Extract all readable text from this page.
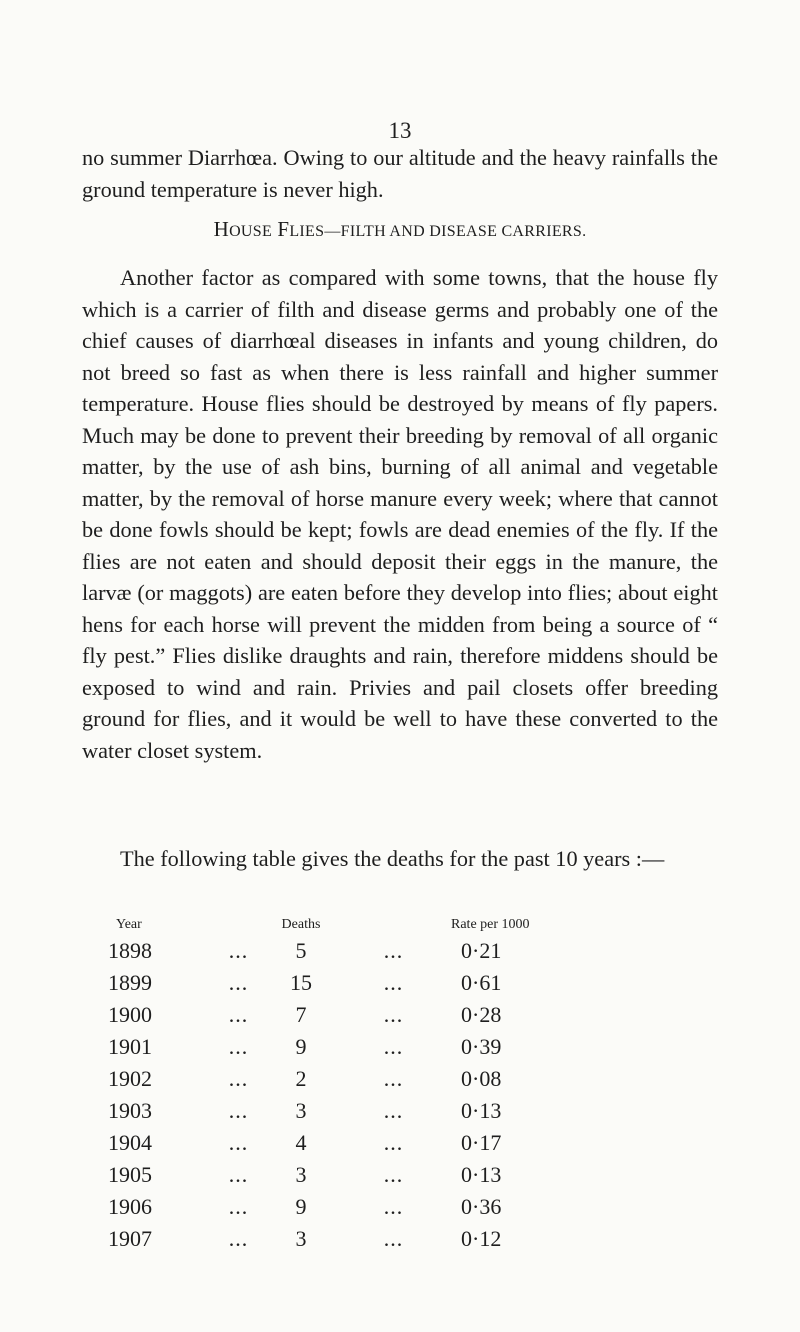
13

no summer Diarrhœa. Owing to our altitude and the heavy rainfalls the ground temperature is never high.

HOUSE FLIES—FILTH AND DISEASE CARRIERS.

Another factor as compared with some towns, that the house fly which is a carrier of filth and disease germs and probably one of the chief causes of diarrhœal diseases in infants and young children, do not breed so fast as when there is less rainfall and higher summer temperature. House flies should be destroyed by means of fly papers. Much may be done to prevent their breeding by removal of all organic matter, by the use of ash bins, burning of all animal and vegetable matter, by the removal of horse manure every week; where that cannot be done fowls should be kept; fowls are dead enemies of the fly. If the flies are not eaten and should deposit their eggs in the manure, the larvæ (or maggots) are eaten before they develop into flies; about eight hens for each horse will prevent the midden from being a source of “ fly pest.” Flies dislike draughts and rain, therefore middens should be exposed to wind and rain. Privies and pail closets offer breeding ground for flies, and it would be well to have these converted to the water closet system.

The following table gives the deaths for the past 10 years :—

Year		Deaths		Rate per 1000
1898	...	5	...	0·21
1899	...	15	...	0·61
1900	...	7	...	0·28
1901	...	9	...	0·39
1902	...	2	...	0·08
1903	...	3	...	0·13
1904	...	4	...	0·17
1905	...	3	...	0·13
1906	...	9	...	0·36
1907	...	3	...	0·12
